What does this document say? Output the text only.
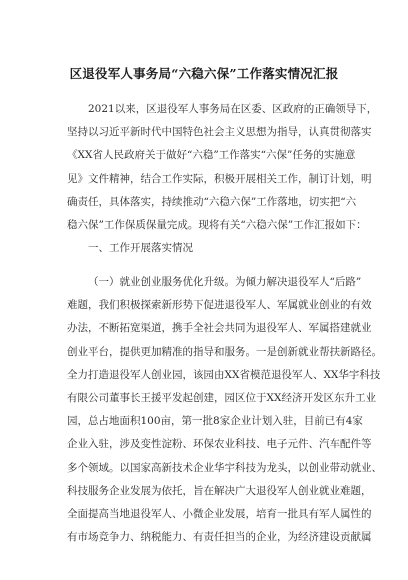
区退役军人事务局“六稳六保”工作落实情况汇报
2021以来，区退役军人事务局在区委、区政府的正确领导下，
坚持以习近平新时代中国特色社会主义思想为指导，认真贯彻落实
《XX省人民政府关于做好“六稳”工作落实“六保”任务的实施意
见》文件精神，结合工作实际，积极开展相关工作，制订计划，明
确责任，具体落实，持续推动“六稳六保”工作落地，切实把“六
稳六保”工作保质保量完成。现将有关“六稳六保”工作汇报如下：
一、工作开展落实情况
（一）就业创业服务优化升级。为倾力解决退役军人“后路”
难题，我们积极探索新形势下促进退役军人、军属就业创业的有效
办法，不断拓宽渠道，携手全社会共同为退役军人、军属搭建就业
创业平台，提供更加精准的指导和服务。一是创新就业帮扶新路径。
全力打造退役军人创业园，该园由XX省模范退役军人、XX华宇科技
有限公司董事长王援平发起创建，园区位于XX经济开发区东升工业
园，总占地面积100亩，第一批8家企业计划入驻，目前已有4家
企业入驻，涉及变性淀粉、环保农业科技、电子元件、汽车配件等
多个领域。以国家高新技术企业华宇科技为龙头，以创业带动就业、
科技服务企业发展为依托，旨在解决广大退役军人创业就业难题，
全面提高当地退役军人、小微企业发展，培育一批具有军人属性的
有市场竞争力、纳税能力、有责任担当的企业，为经济建设贡献属
